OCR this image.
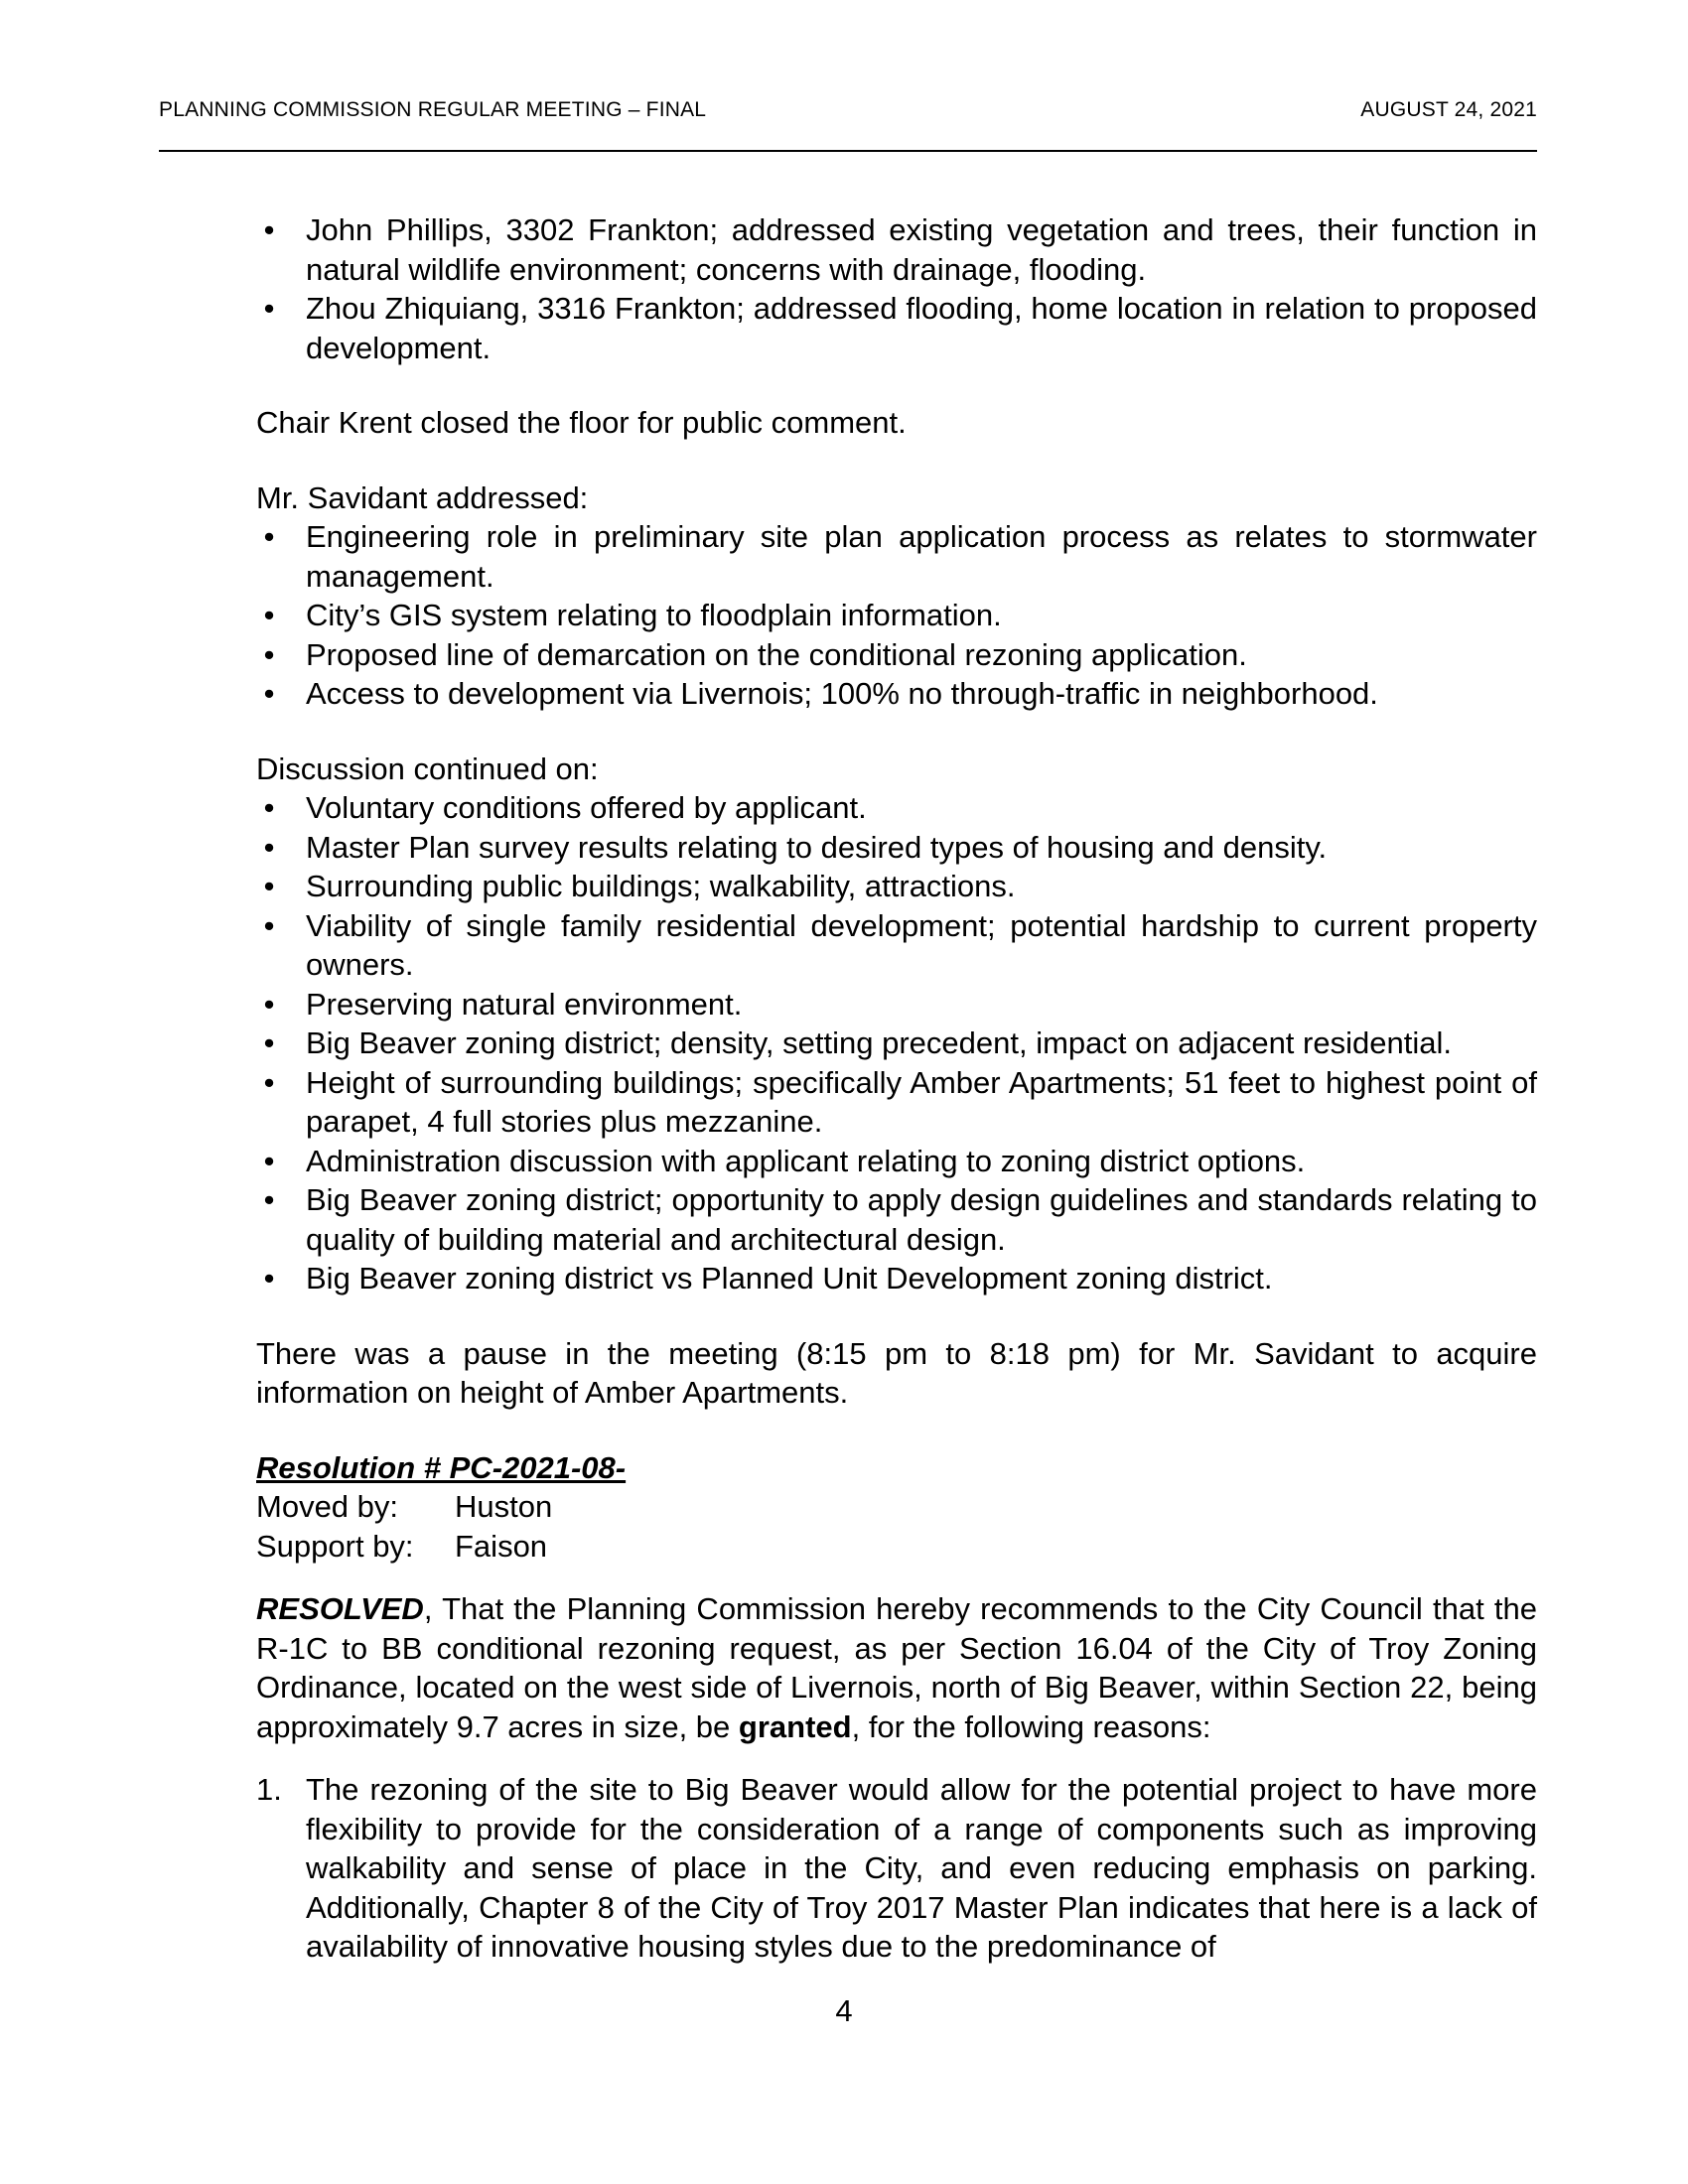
PLANNING COMMISSION REGULAR MEETING – FINAL	AUGUST 24, 2021
• John Phillips, 3302 Frankton; addressed existing vegetation and trees, their function in natural wildlife environment; concerns with drainage, flooding.
• Zhou Zhiquiang, 3316 Frankton; addressed flooding, home location in relation to proposed development.

Chair Krent closed the floor for public comment.

Mr. Savidant addressed:

• Engineering role in preliminary site plan application process as relates to stormwater management.
• City’s GIS system relating to floodplain information.
• Proposed line of demarcation on the conditional rezoning application.
• Access to development via Livernois; 100% no through-traffic in neighborhood.

Discussion continued on:

• Voluntary conditions offered by applicant.
• Master Plan survey results relating to desired types of housing and density.
• Surrounding public buildings; walkability, attractions.
• Viability of single family residential development; potential hardship to current property owners.
• Preserving natural environment.
• Big Beaver zoning district; density, setting precedent, impact on adjacent residential.
• Height of surrounding buildings; specifically Amber Apartments; 51 feet to highest point of parapet, 4 full stories plus mezzanine.
• Administration discussion with applicant relating to zoning district options.
• Big Beaver zoning district; opportunity to apply design guidelines and standards relating to quality of building material and architectural design.
• Big Beaver zoning district vs Planned Unit Development zoning district.

There was a pause in the meeting (8:15 pm to 8:18 pm) for Mr. Savidant to acquire information on height of Amber Apartments.

Resolution # PC-2021-08-

Moved by:	Huston
Support by:	Faison

RESOLVED, That the Planning Commission hereby recommends to the City Council that the R-1C to BB conditional rezoning request, as per Section 16.04 of the City of Troy Zoning Ordinance, located on the west side of Livernois, north of Big Beaver, within Section 22, being approximately 9.7 acres in size, be granted, for the following reasons:

1. The rezoning of the site to Big Beaver would allow for the potential project to have more flexibility to provide for the consideration of a range of components such as improving walkability and sense of place in the City, and even reducing emphasis on parking. Additionally, Chapter 8 of the City of Troy 2017 Master Plan indicates that here is a lack of availability of innovative housing styles due to the predominance of
4
